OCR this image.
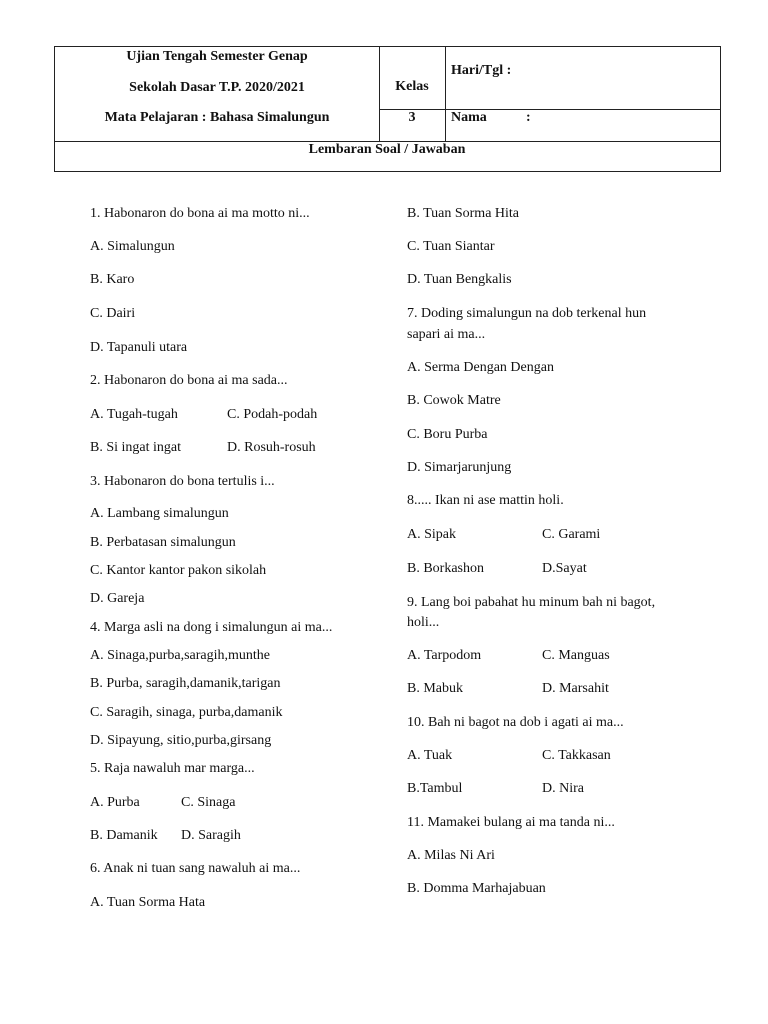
Ujian Tengah Semester Genap
Sekolah Dasar T.P. 2020/2021
Mata Pelajaran : Bahasa Simalungun
Kelas
3
Hari/Tgl :
Nama	:
Lembaran Soal / Jawaban
1. Habonaron do bona ai ma motto ni...
A. Simalungun
B. Karo
C. Dairi
D. Tapanuli utara
2. Habonaron do bona ai ma sada...
A. Tugah-tugah	C. Podah-podah
B. Si ingat ingat	D. Rosuh-rosuh
3. Habonaron do bona tertulis i...
A. Lambang simalungun
B. Perbatasan simalungun
C. Kantor kantor pakon sikolah
D. Gareja
4. Marga asli na dong i simalungun ai ma...
A. Sinaga,purba,saragih,munthe
B. Purba, saragih,damanik,tarigan
C. Saragih, sinaga, purba,damanik
D. Sipayung, sitio,purba,girsang
5. Raja nawaluh mar marga...
A. Purba	C. Sinaga
B. Damanik D. Saragih
6. Anak ni tuan sang nawaluh ai ma...
A. Tuan Sorma Hata
B. Tuan Sorma Hita
C. Tuan Siantar
D. Tuan Bengkalis
7. Doding simalungun na dob terkenal hun
sapari ai ma...
A. Serma Dengan Dengan
B. Cowok Matre
C. Boru Purba
D. Simarjarunjung
8..... Ikan ni ase mattin holi.
A. Sipak	C. Garami
B. Borkashon	D.Sayat
9. Lang boi pabahat hu minum bah ni bagot,
holi...
A. Tarpodom	C. Manguas
B. Mabuk	D. Marsahit
10. Bah ni bagot na dob i agati ai ma...
A. Tuak	C. Takkasan
B.Tambul	D. Nira
11. Mamakei bulang ai ma tanda ni...
A. Milas Ni Ari
B. Domma Marhajabuan
